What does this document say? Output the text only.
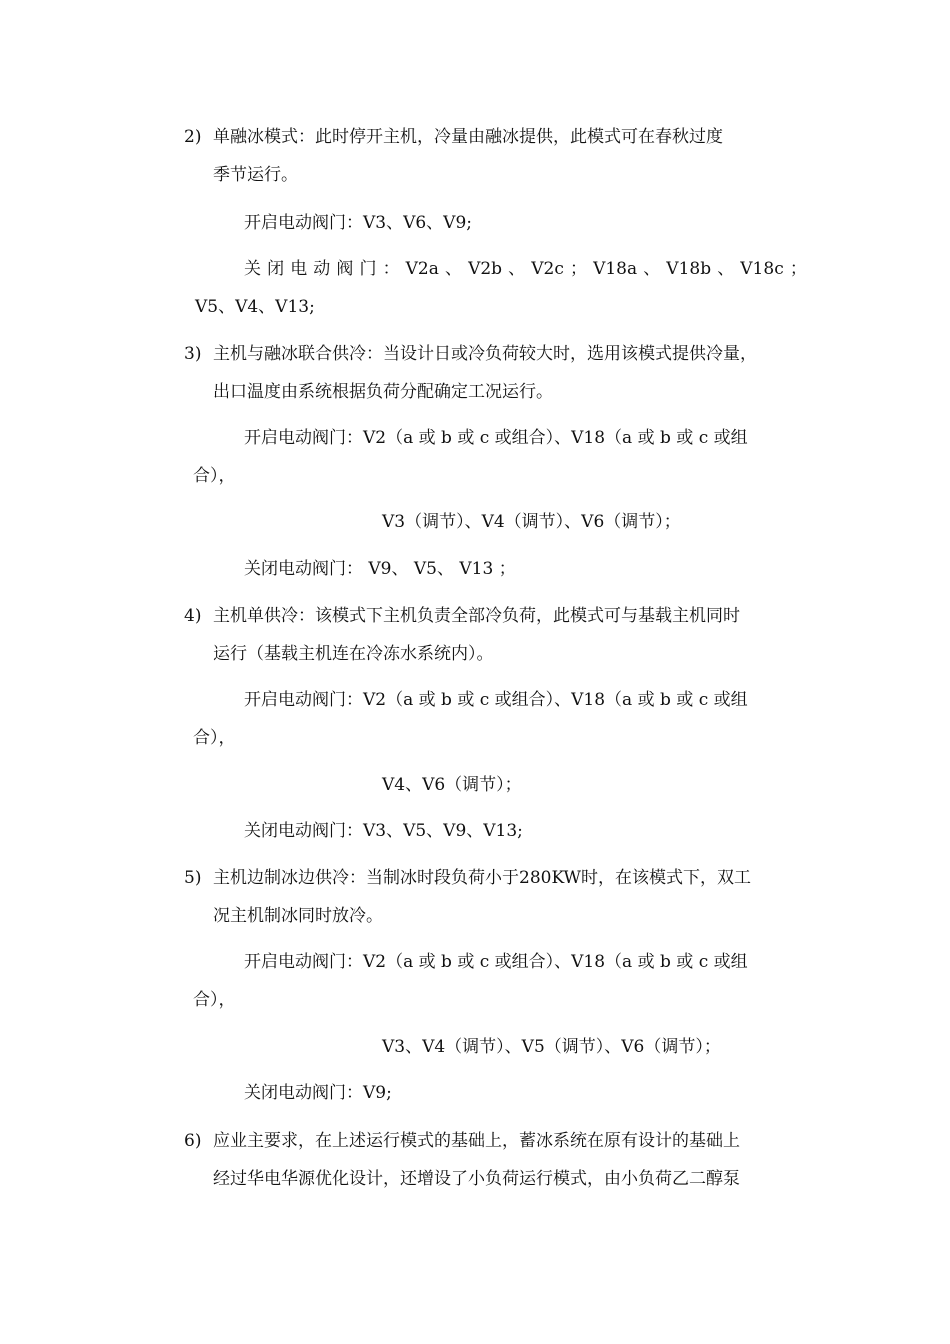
2) 单融冰模式：此时停开主机，冷量由融冰提供，此模式可在春秋过度
季节运行。
开启电动阀门：V3、V6、V9;
关 闭 电 动 阀 门 ： V2a 、 V2b 、 V2c ； V18a 、 V18b 、 V18c ；
V5、V4、V13;
3) 主机与融冰联合供冷：当设计日或冷负荷较大时，选用该模式提供冷量，
出口温度由系统根据负荷分配确定工况运行。
开启电动阀门：V2（a 或 b 或 c 或组合）、V18（a 或 b 或 c 或组
合），
V3（调节）、V4（调节）、V6（调节）；
关闭电动阀门： V9、 V5、 V13 ；
4) 主机单供冷：该模式下主机负责全部冷负荷，此模式可与基载主机同时
运行（基载主机连在冷冻水系统内）。
开启电动阀门：V2（a 或 b 或 c 或组合）、V18（a 或 b 或 c 或组
合），
V4、V6（调节）；
关闭电动阀门：V3、V5、V9、V13;
5) 主机边制冰边供冷：当制冰时段负荷小于280KW时，在该模式下，双工
况主机制冰同时放冷。
开启电动阀门：V2（a 或 b 或 c 或组合）、V18（a 或 b 或 c 或组
合），
V3、V4（调节）、V5（调节）、V6（调节）；
关闭电动阀门：V9;
6) 应业主要求，在上述运行模式的基础上，蓄冰系统在原有设计的基础上
经过华电华源优化设计，还增设了小负荷运行模式，由小负荷乙二醇泵
